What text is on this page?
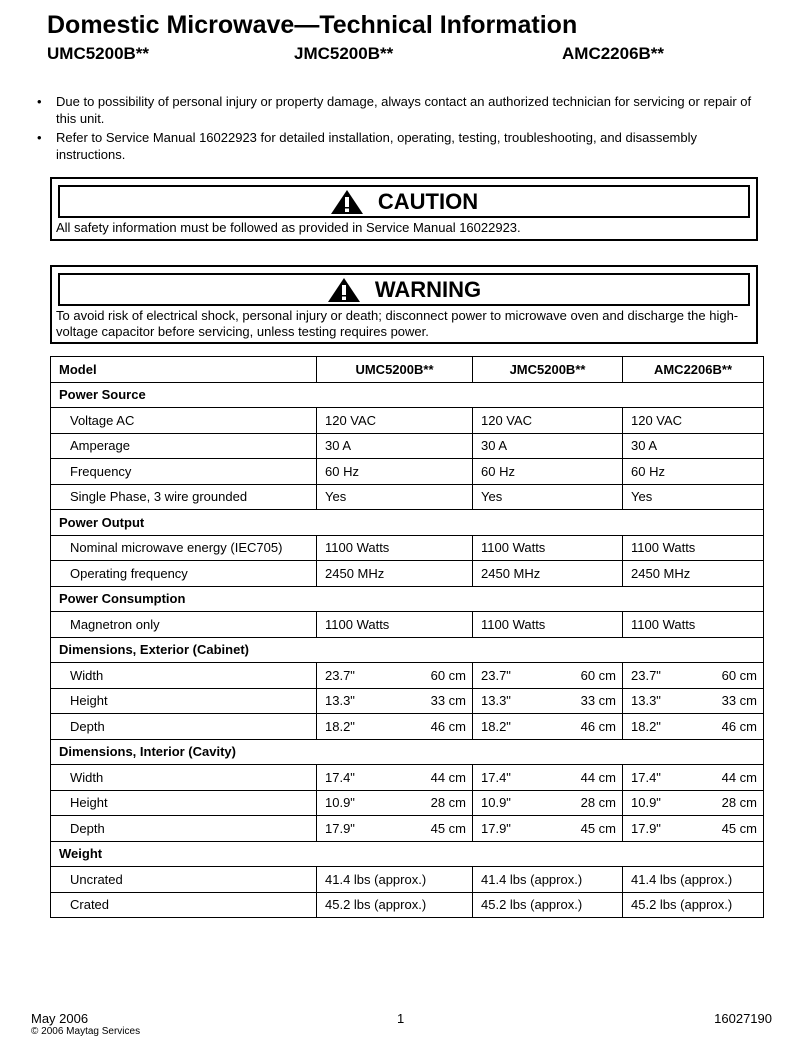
Domestic Microwave—Technical Information
UMC5200B**	JMC5200B**	AMC2206B**
• Due to possibility of personal injury or property damage, always contact an authorized technician for servicing or repair of this unit.
• Refer to Service Manual 16022923 for detailed installation, operating, testing, troubleshooting, and disassembly instructions.
CAUTION
All safety information must be followed as provided in Service Manual 16022923.
WARNING
To avoid risk of electrical shock, personal injury or death; disconnect power to microwave oven and discharge the high-voltage capacitor before servicing, unless testing requires power.
Model	UMC5200B**	JMC5200B**	AMC2206B**
Power Source			
Voltage AC	120 VAC	120 VAC	120 VAC
Amperage	30 A	30 A	30 A
Frequency	60 Hz	60 Hz	60 Hz
Single Phase, 3 wire grounded	Yes	Yes	Yes
Power Output			
Nominal microwave energy (IEC705)	1100 Watts	1100 Watts	1100 Watts
Operating frequency	2450 MHz	2450 MHz	2450 MHz
Power Consumption			
Magnetron only	1100 Watts	1100 Watts	1100 Watts
Dimensions, Exterior (Cabinet)			
Width	23.7" 60 cm	23.7" 60 cm	23.7" 60 cm

Height	13.3" 33 cm	13.3" 33 cm	13.3" 33 cm

Depth	18.2" 46 cm	18.2" 46 cm	18.2" 46 cm

Dimensions, Interior (Cavity)			
Width	17.4" 44 cm	17.4" 44 cm	17.4" 44 cm

Height	10.9" 28 cm	10.9" 28 cm	10.9" 28 cm

Depth	17.9" 45 cm	17.9" 45 cm	17.9" 45 cm

Weight			
Uncrated	41.4 lbs (approx.)	41.4 lbs (approx.)	41.4 lbs (approx.)
Crated	45.2 lbs (approx.)	45.2 lbs (approx.)	45.2 lbs (approx.)
May 2006
© 2006 Maytag Services
1	16027190
